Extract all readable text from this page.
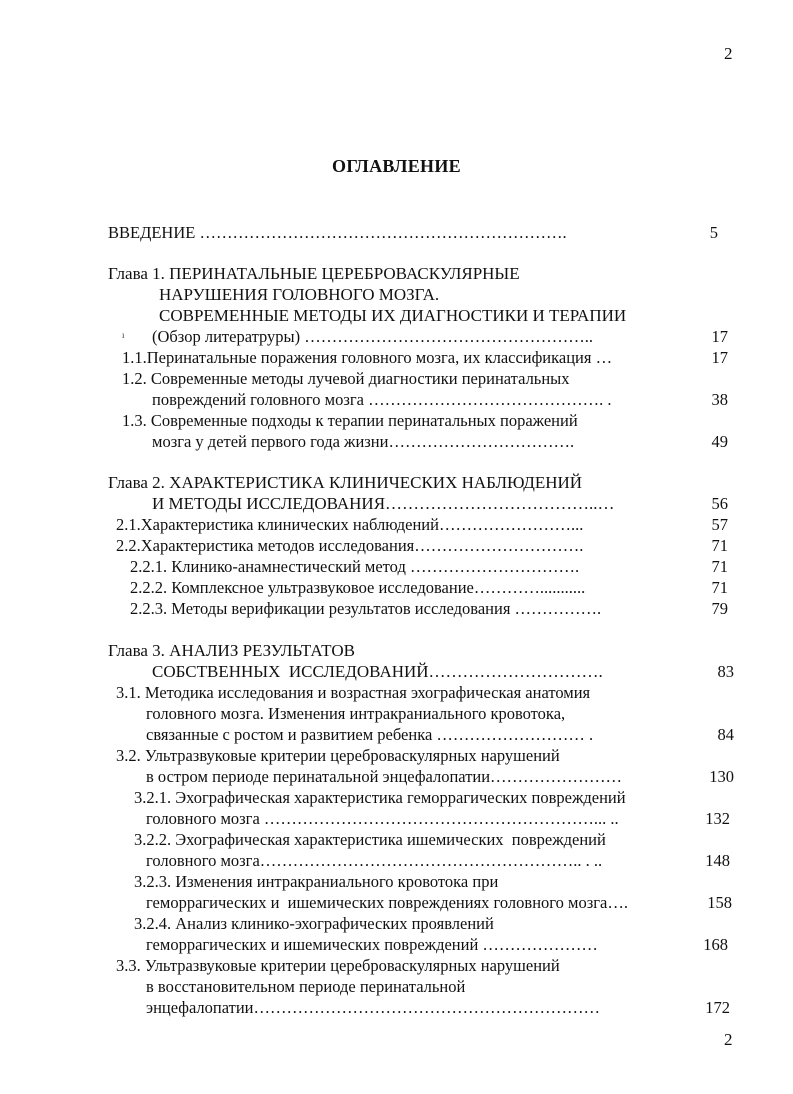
2
ОГЛАВЛЕНИЕ
ı
ВВЕДЕНИЕ ………………………………………………………….	5
Глава 1. ПЕРИНАТАЛЬНЫЕ ЦЕРЕБРОВАСКУЛЯРНЫЕ
НАРУШЕНИЯ ГОЛОВНОГО МОЗГА.
СОВРЕМЕННЫЕ МЕТОДЫ ИХ ДИАГНОСТИКИ И ТЕРАПИИ
(Обзор литератруры) ……………………………………………..	17
1.1.Перинатальные поражения головного мозга, их классификация …	17
1.2. Современные методы лучевой диагностики перинатальных
повреждений головного мозга ……………………………………. .	38
1.3. Современные подходы к терапии перинатальных поражений
мозга у детей первого года жизни…………………………….	49
Глава 2. ХАРАКТЕРИСТИКА КЛИНИЧЕСКИХ НАБЛЮДЕНИЙ
И МЕТОДЫ ИССЛЕДОВАНИЯ………………………………..…	56
2.1.Характеристика клинических наблюдений……………………...	57
2.2.Характеристика методов исследования………………………….	71
2.2.1. Клинико-анамнестический метод ………………………….	71
2.2.2. Комплексное ультразвуковое исследование…………...........	71
2.2.3. Методы верификации результатов исследования …………….	79
Глава 3. АНАЛИЗ РЕЗУЛЬТАТОВ
СОБСТВЕННЫХ  ИССЛЕДОВАНИЙ………………………….	83
3.1. Методика исследования и возрастная эхографическая анатомия
головного мозга. Изменения интракраниального кровотока,
связанные с ростом и развитием ребенка ……………………… .	84
3.2. Ультразвуковые критерии цереброваскулярных нарушений
в остром периоде перинатальной энцефалопатии……………………	130
3.2.1. Эхографическая характеристика геморрагических повреждений
головного мозга ……………………………………………………... ..	132
3.2.2. Эхографическая характеристика ишемических  повреждений
головного мозга………………………………………………….. . ..	148
3.2.3. Изменения интракраниального кровотока при
геморрагических и  ишемических повреждениях головного мозга….	158
3.2.4. Анализ клинико-эхографических проявлений
геморрагических и ишемических повреждений …………………	168
3.3. Ультразвуковые критерии цереброваскулярных нарушений
в восстановительном периоде перинатальной
энцефалопатии………………………………………………………	172
2
